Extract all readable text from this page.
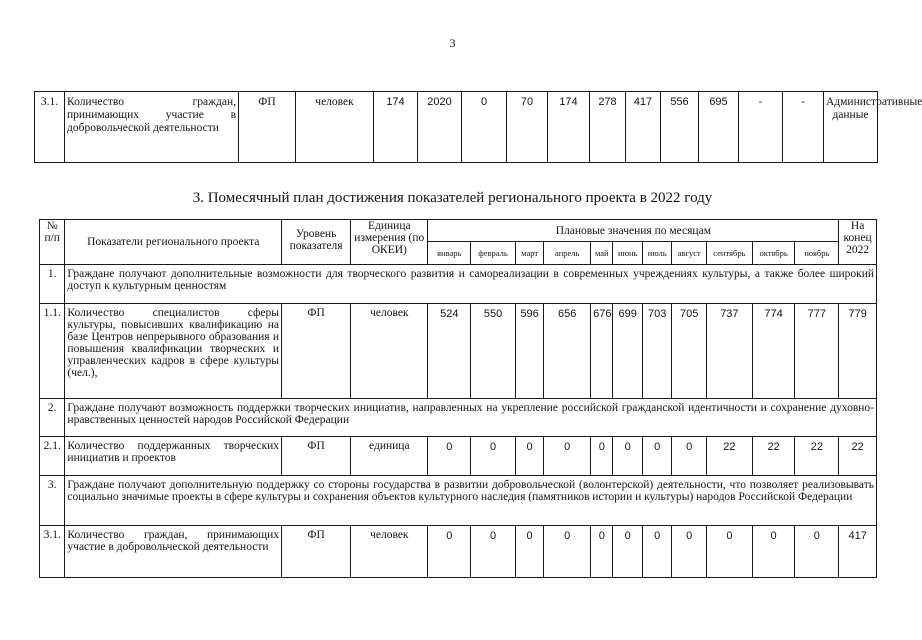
3
3.1.	Количество граждан, принимающих участие в добровольческой деятельности	ФП	человек	174	2020	0	70	174	278	417	556	695	-	-	Административные данные
3. Помесячный план достижения показателей регионального проекта в 2022 году
№ п/п	Показатели регионального проекта	Уровень показателя	Единица измерения (по ОКЕИ)	Плановые значения по месяцам											На конец 2022
				январь	февраль	март	апрель	май	июнь	июль	август	сентябрь	октябрь	ноябрь	
1.	Граждане получают дополнительные возможности для творческого развития и самореализации в современных учреждениях культуры, а также более широкий доступ к культурным ценностям														
1.1.	Количество специалистов сферы культуры, повысивших квалификацию на базе Центров непрерывного образования и повышения квалификации творческих и управленческих кадров в сфере культуры (чел.),	ФП	человек	524	550	596	656	676	699	703	705	737	774	777	779
2.	Граждане получают возможность поддержки творческих инициатив, направленных на укрепление российской гражданской идентичности и сохранение духовно-нравственных ценностей народов Российской Федерации														
2.1.	Количество поддержанных творческих инициатив и проектов	ФП	единица	0	0	0	0	0	0	0	0	22	22	22	22
3.	Граждане получают дополнительную поддержку со стороны государства в развитии добровольческой (волонтерской) деятельности, что позволяет реализовывать социально значимые проекты в сфере культуры и сохранения объектов культурного наследия (памятников истории и культуры) народов Российской Федерации														
3.1.	Количество граждан, принимающих участие в добровольческой деятельности	ФП	человек	0	0	0	0	0	0	0	0	0	0	0	417
